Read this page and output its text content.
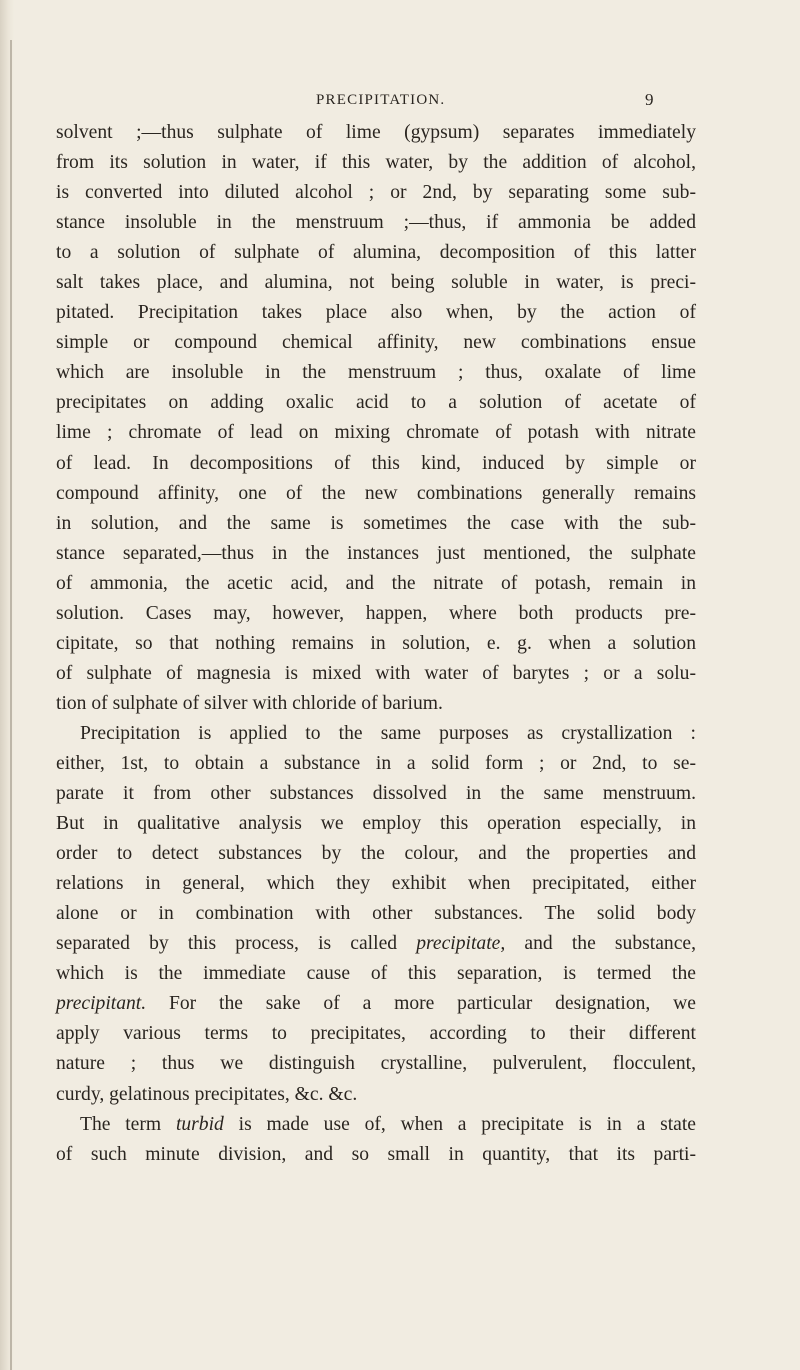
PRECIPITATION.	9
solvent ;—thus sulphate of lime (gypsum) separates immediately
from its solution in water, if this water, by the addition of alcohol,
is converted into diluted alcohol ; or 2nd, by separating some sub-
stance insoluble in the menstruum ;—thus, if ammonia be added
to a solution of sulphate of alumina, decomposition of this latter
salt takes place, and alumina, not being soluble in water, is preci-
pitated. Precipitation takes place also when, by the action of
simple or compound chemical affinity, new combinations ensue
which are insoluble in the menstruum ; thus, oxalate of lime
precipitates on adding oxalic acid to a solution of acetate of
lime ; chromate of lead on mixing chromate of potash with nitrate
of lead. In decompositions of this kind, induced by simple or
compound affinity, one of the new combinations generally remains
in solution, and the same is sometimes the case with the sub-
stance separated,—thus in the instances just mentioned, the sulphate
of ammonia, the acetic acid, and the nitrate of potash, remain in
solution. Cases may, however, happen, where both products pre-
cipitate, so that nothing remains in solution, e. g. when a solution
of sulphate of magnesia is mixed with water of barytes ; or a solu-
tion of sulphate of silver with chloride of barium.
Precipitation is applied to the same purposes as crystallization :
either, 1st, to obtain a substance in a solid form ; or 2nd, to se-
parate it from other substances dissolved in the same menstruum.
But in qualitative analysis we employ this operation especially, in
order to detect substances by the colour, and the properties and
relations in general, which they exhibit when precipitated, either
alone or in combination with other substances. The solid body
separated by this process, is called precipitate, and the substance,
which is the immediate cause of this separation, is termed the
precipitant. For the sake of a more particular designation, we
apply various terms to precipitates, according to their different
nature ; thus we distinguish crystalline, pulverulent, flocculent,
curdy, gelatinous precipitates, &c. &c.
The term turbid is made use of, when a precipitate is in a state
of such minute division, and so small in quantity, that its parti-
